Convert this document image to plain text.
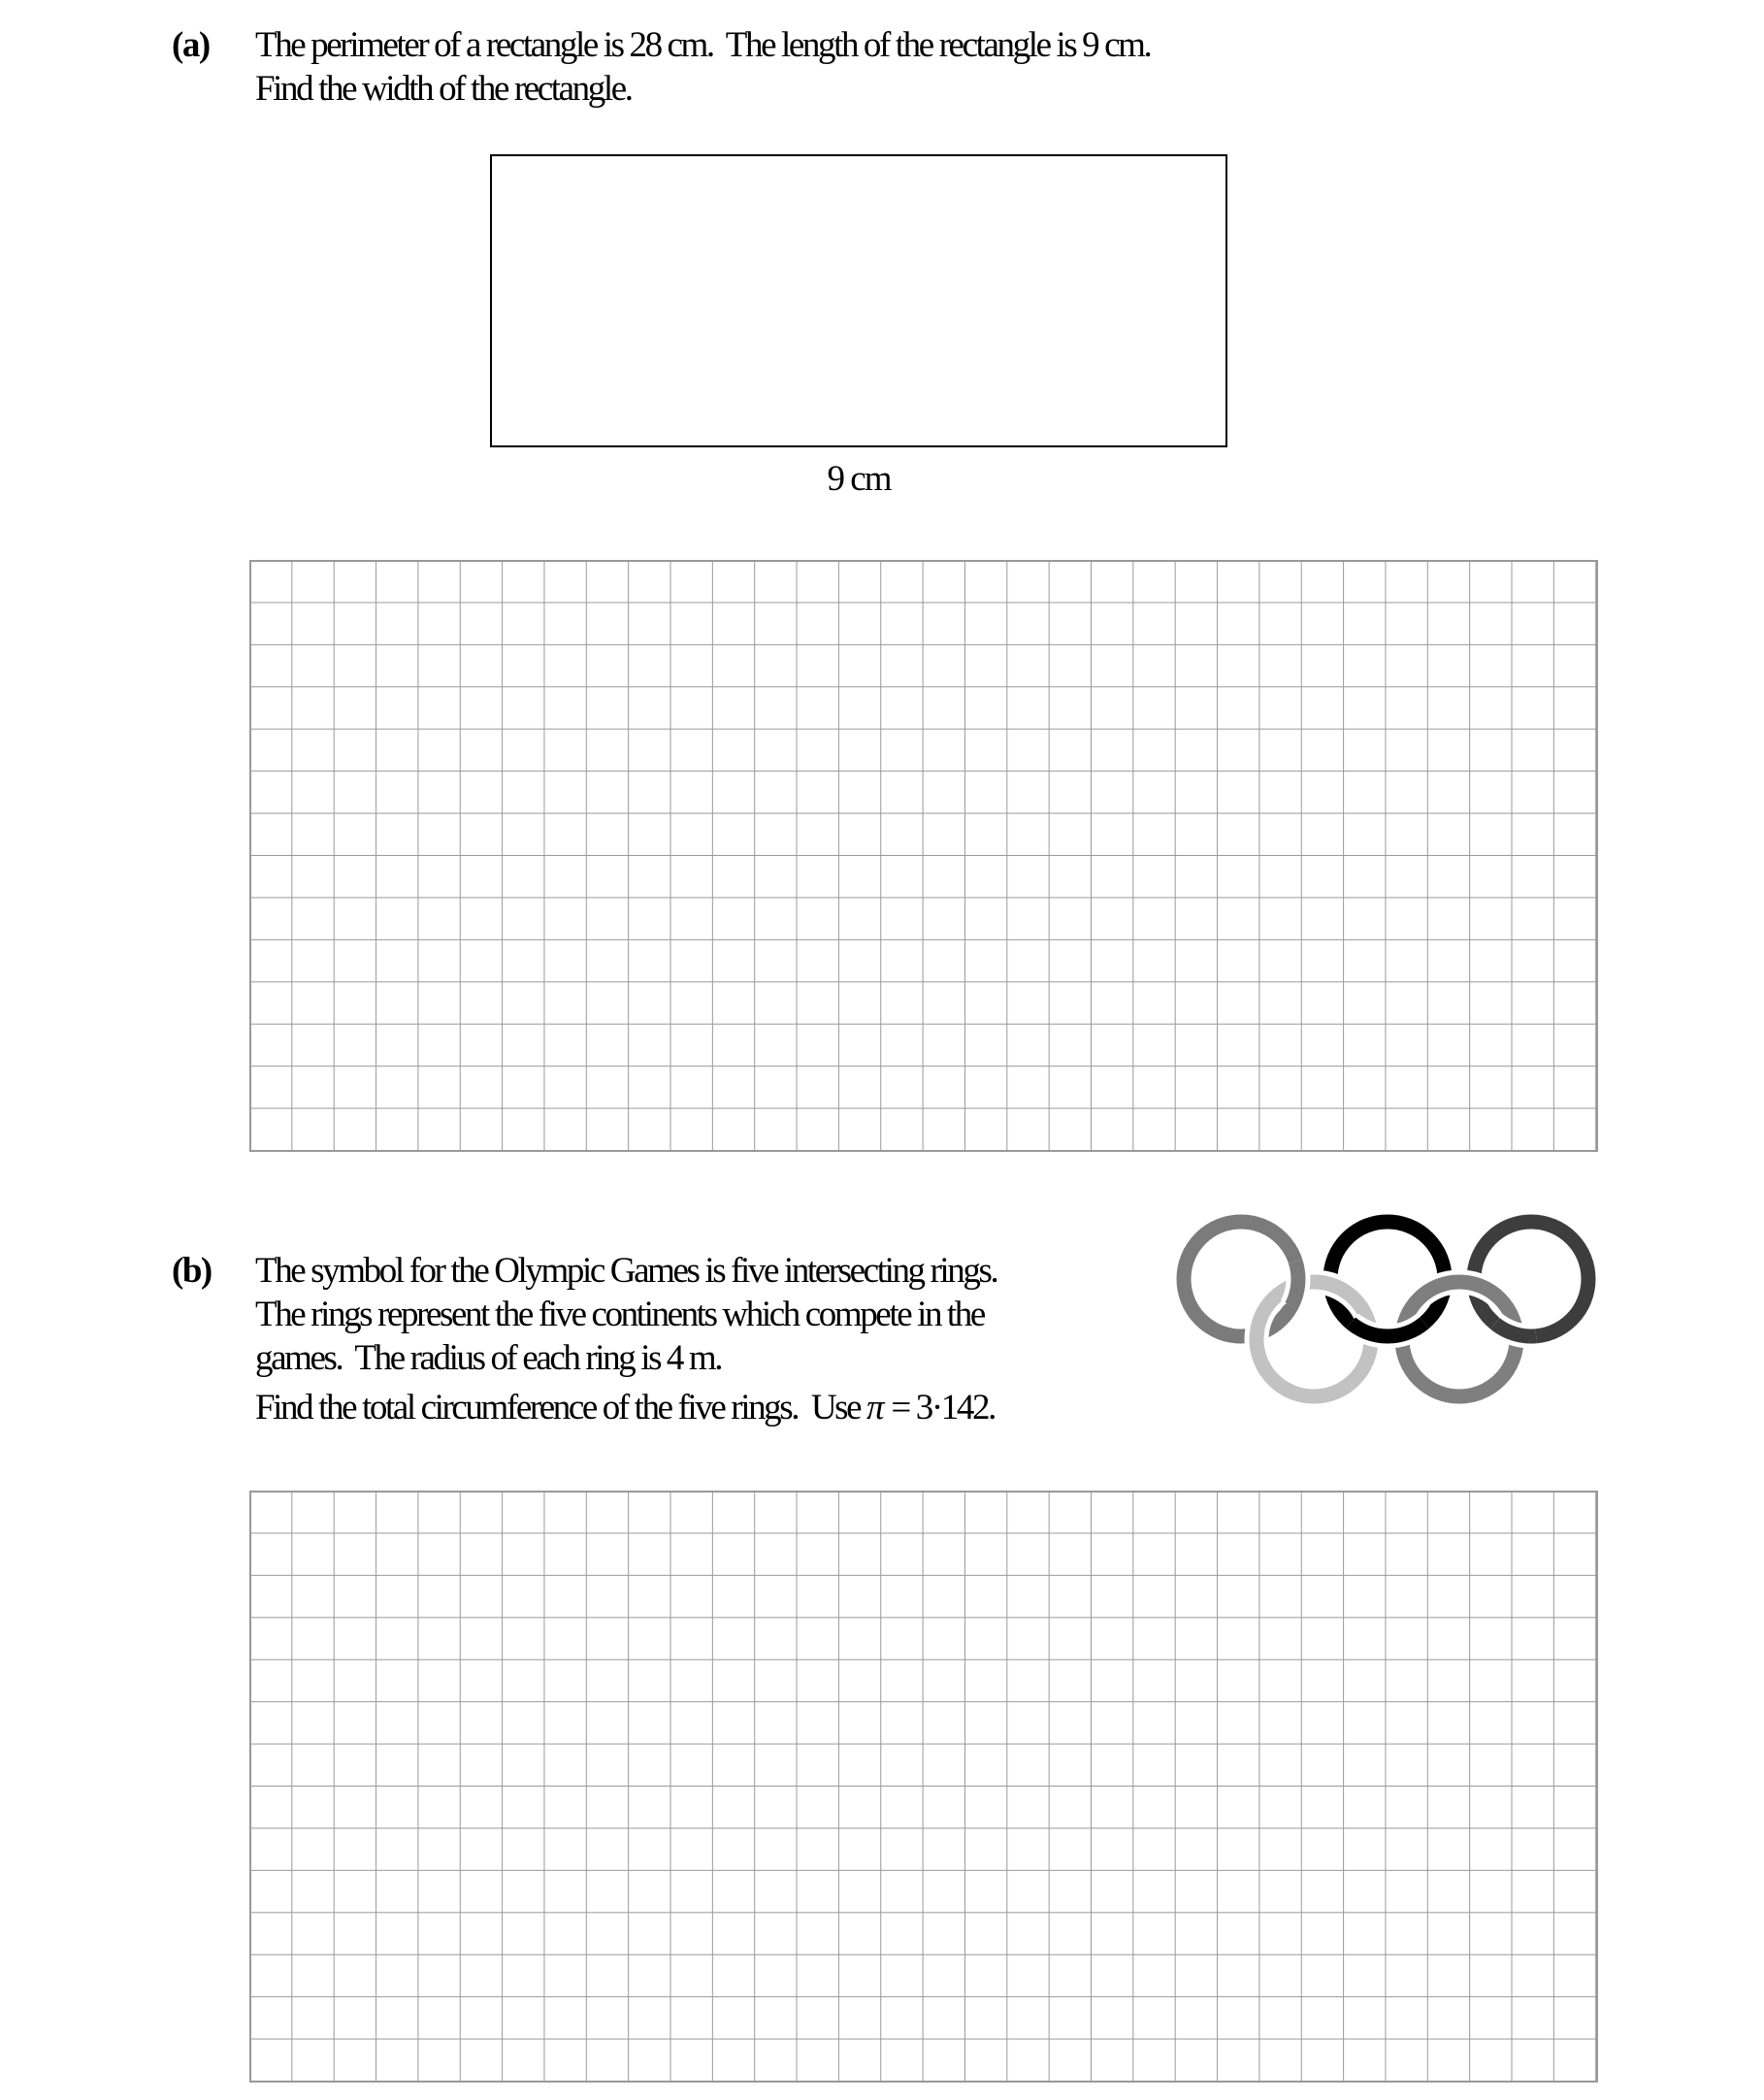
(a) The perimeter of a rectangle is 28 cm.  The length of the rectangle is 9 cm.
Find the width of the rectangle.
9 cm
(b) The symbol for the Olympic Games is five intersecting rings.
The rings represent the five continents which compete in the
games.  The radius of each ring is 4 m.
Find the total circumference of the five rings.  Use π = 3·142.
